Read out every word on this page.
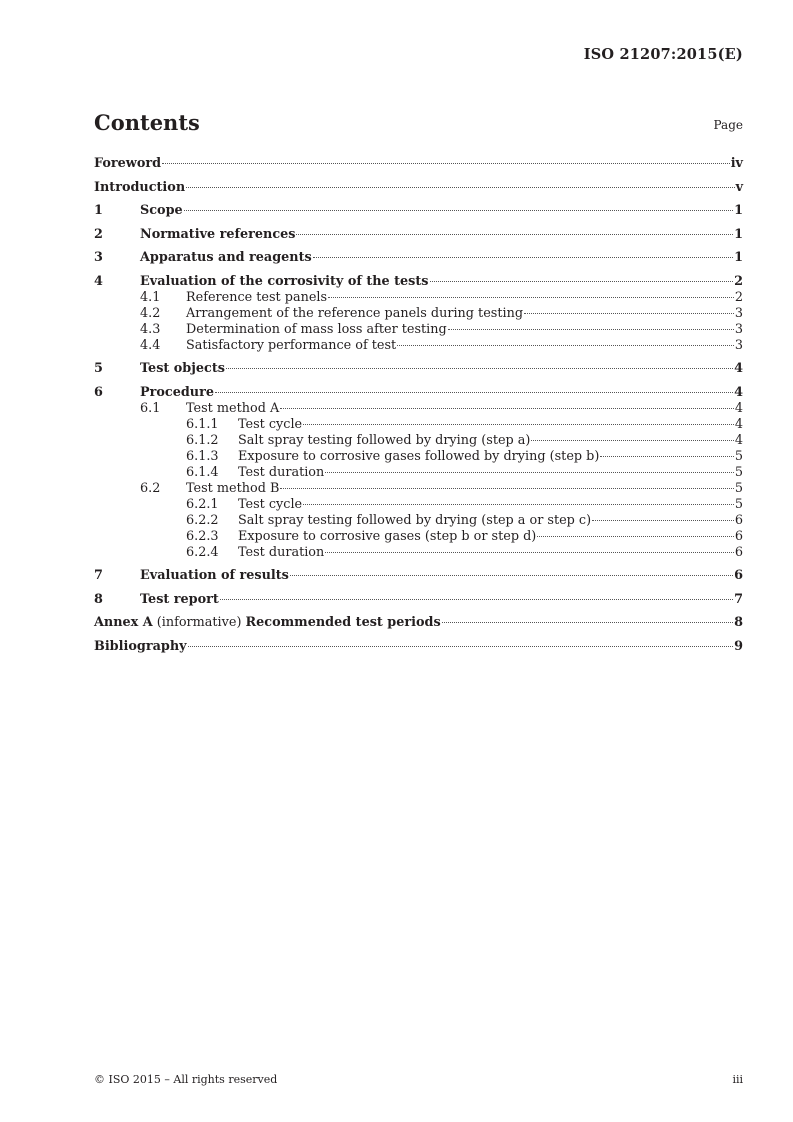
ISO 21207:2015(E)
Contents	Page
Foreword	iv
Introduction	v
1	Scope	1
2	Normative references	1
3	Apparatus and reagents	1
4	Evaluation of the corrosivity of the tests	2
4.1	Reference test panels	2
4.2	Arrangement of the reference panels during testing	3
4.3	Determination of mass loss after testing	3
4.4	Satisfactory performance of test	3
5	Test objects	4
6	Procedure	4
6.1	Test method A	4
6.1.1	Test cycle	4
6.1.2	Salt spray testing followed by drying (step a)	4
6.1.3	Exposure to corrosive gases followed by drying (step b)	5
6.1.4	Test duration	5
6.2	Test method B	5
6.2.1	Test cycle	5
6.2.2	Salt spray testing followed by drying (step a or step c)	6
6.2.3	Exposure to corrosive gases (step b or step d)	6
6.2.4	Test duration	6
7	Evaluation of results	6
8	Test report	7
Annex A (informative) Recommended test periods	8
Bibliography	9
© ISO 2015 – All rights reserved	iii
